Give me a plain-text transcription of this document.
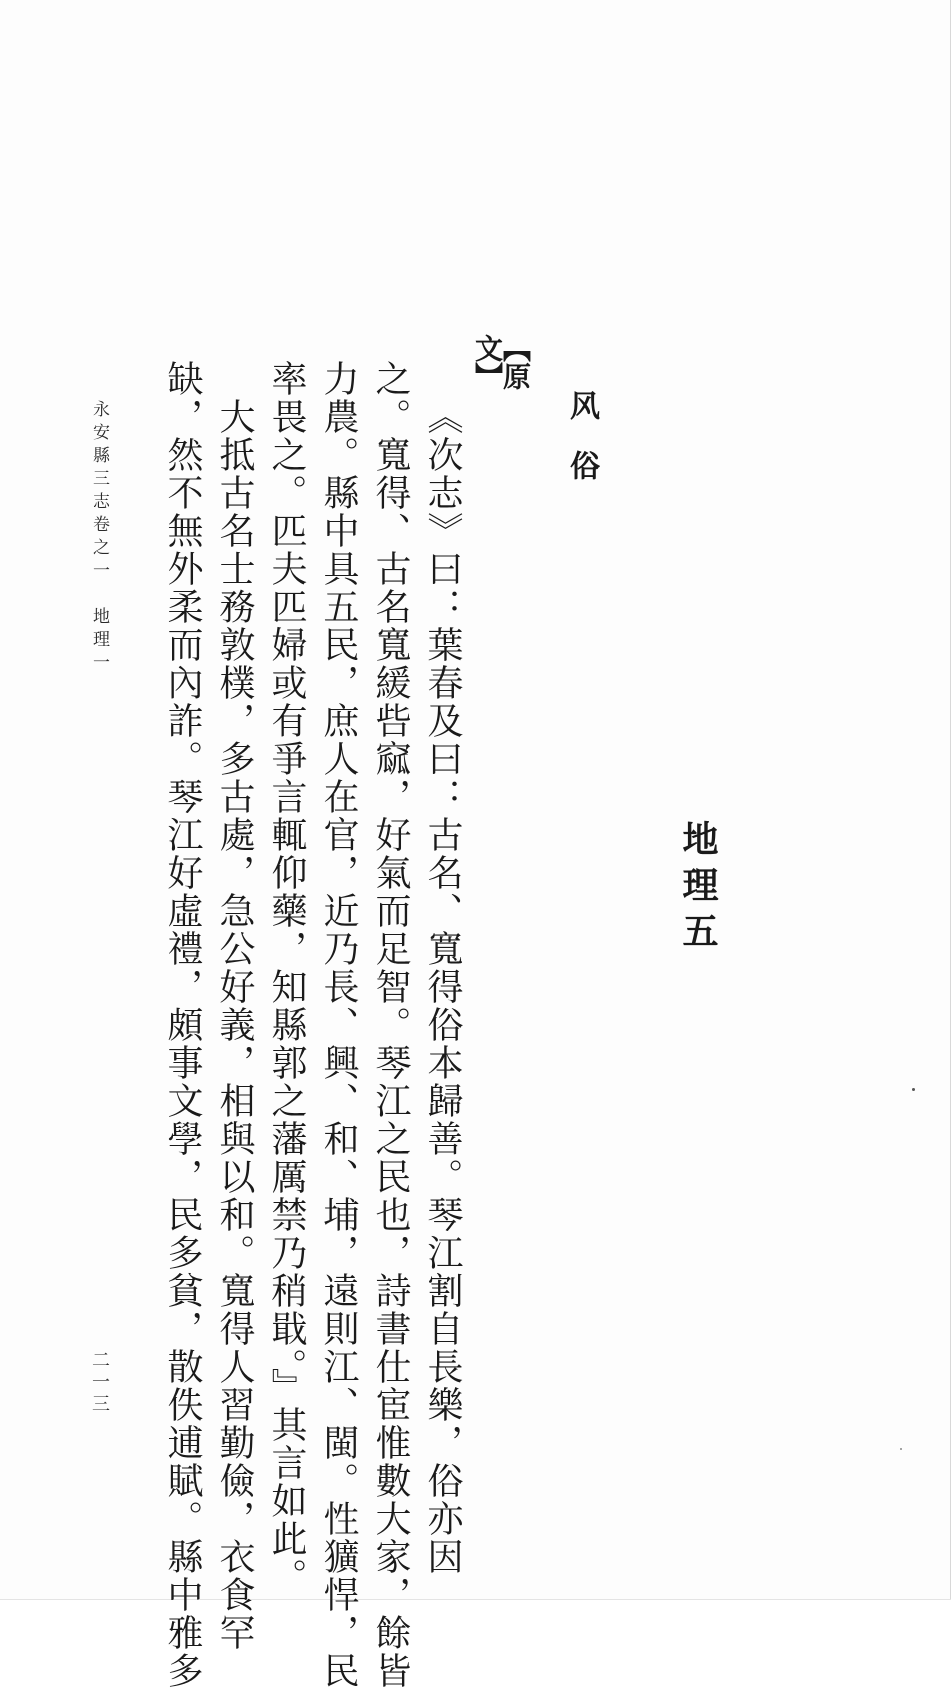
地理五
风俗
【原文】
《次志》曰：葉春及曰：古名、寬得俗本歸善。琴江割自長樂，俗亦因
之。寬得、古名寬緩呰窳，好氣而足智。琴江之民也，詩書仕宦惟數大家，餘皆
力農。縣中具五民，庶人在官，近乃長、興、和、埔，遠則江、閩。性獷悍，民
率畏之。匹夫匹婦或有爭言輒仰藥，知縣郭之藩厲禁乃稍戢。』其言如此。
大抵古名士務敦樸，多古處，急公好義，相與以和。寬得人習勤儉，衣食罕
缺，然不無外柔而內詐。琴江好虛禮，頗事文學，民多貧，散佚逋賦。縣中雅多
永安縣三志卷之一　地理一
二一三
